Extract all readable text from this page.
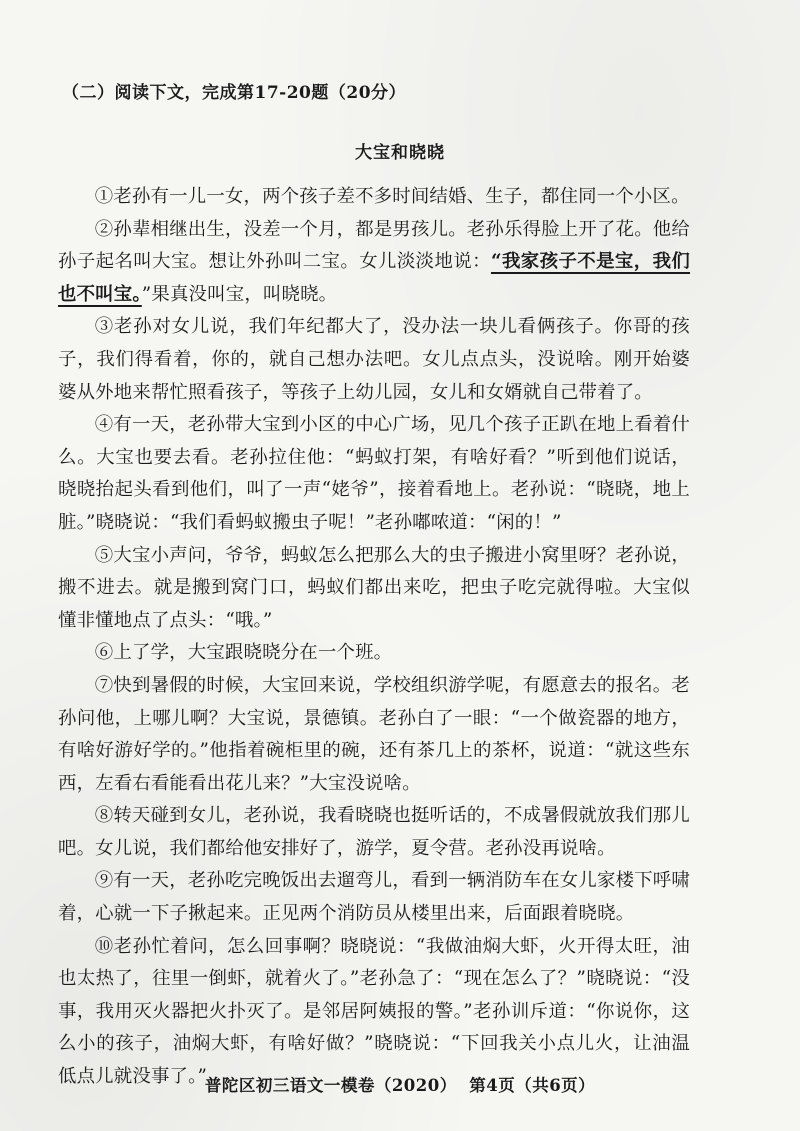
（二）阅读下文，完成第17-20题（20分）
大宝和晓晓

①老孙有一儿一女，两个孩子差不多时间结婚、生子，都住同一个小区。

②孙辈相继出生，没差一个月，都是男孩儿。老孙乐得脸上开了花。他给孙子起名叫大宝。想让外孙叫二宝。女儿淡淡地说：“我家孩子不是宝，我们也不叫宝。”果真没叫宝，叫晓晓。

③老孙对女儿说，我们年纪都大了，没办法一块儿看俩孩子。你哥的孩子，我们得看着，你的，就自己想办法吧。女儿点点头，没说啥。刚开始婆婆从外地来帮忙照看孩子，等孩子上幼儿园，女儿和女婿就自己带着了。

④有一天，老孙带大宝到小区的中心广场，见几个孩子正趴在地上看着什么。大宝也要去看。老孙拉住他：“蚂蚁打架，有啥好看？”听到他们说话，晓晓抬起头看到他们，叫了一声“姥爷”，接着看地上。老孙说：“晓晓，地上脏。”晓晓说：“我们看蚂蚁搬虫子呢！”老孙嘟哝道：“闲的！”

⑤大宝小声问，爷爷，蚂蚁怎么把那么大的虫子搬进小窝里呀？老孙说，搬不进去。就是搬到窝门口，蚂蚁们都出来吃，把虫子吃完就得啦。大宝似懂非懂地点了点头：“哦。”

⑥上了学，大宝跟晓晓分在一个班。

⑦快到暑假的时候，大宝回来说，学校组织游学呢，有愿意去的报名。老孙问他，上哪儿啊？大宝说，景德镇。老孙白了一眼：“一个做瓷器的地方，有啥好游好学的。”他指着碗柜里的碗，还有茶几上的茶杯，说道：“就这些东西，左看右看能看出花儿来？”大宝没说啥。

⑧转天碰到女儿，老孙说，我看晓晓也挺听话的，不成暑假就放我们那儿吧。女儿说，我们都给他安排好了，游学，夏令营。老孙没再说啥。

⑨有一天，老孙吃完晚饭出去遛弯儿，看到一辆消防车在女儿家楼下呼啸着，心就一下子揪起来。正见两个消防员从楼里出来，后面跟着晓晓。

⑩老孙忙着问，怎么回事啊？晓晓说：“我做油焖大虾，火开得太旺，油也太热了，往里一倒虾，就着火了。”老孙急了：“现在怎么了？”晓晓说：“没事，我用灭火器把火扑灭了。是邻居阿姨报的警。”老孙训斥道：“你说你，这么小的孩子，油焖大虾，有啥好做？”晓晓说：“下回我关小点儿火，让油温低点儿就没事了。”

普陀区初三语文一模卷（2020）  第4页（共6页）
